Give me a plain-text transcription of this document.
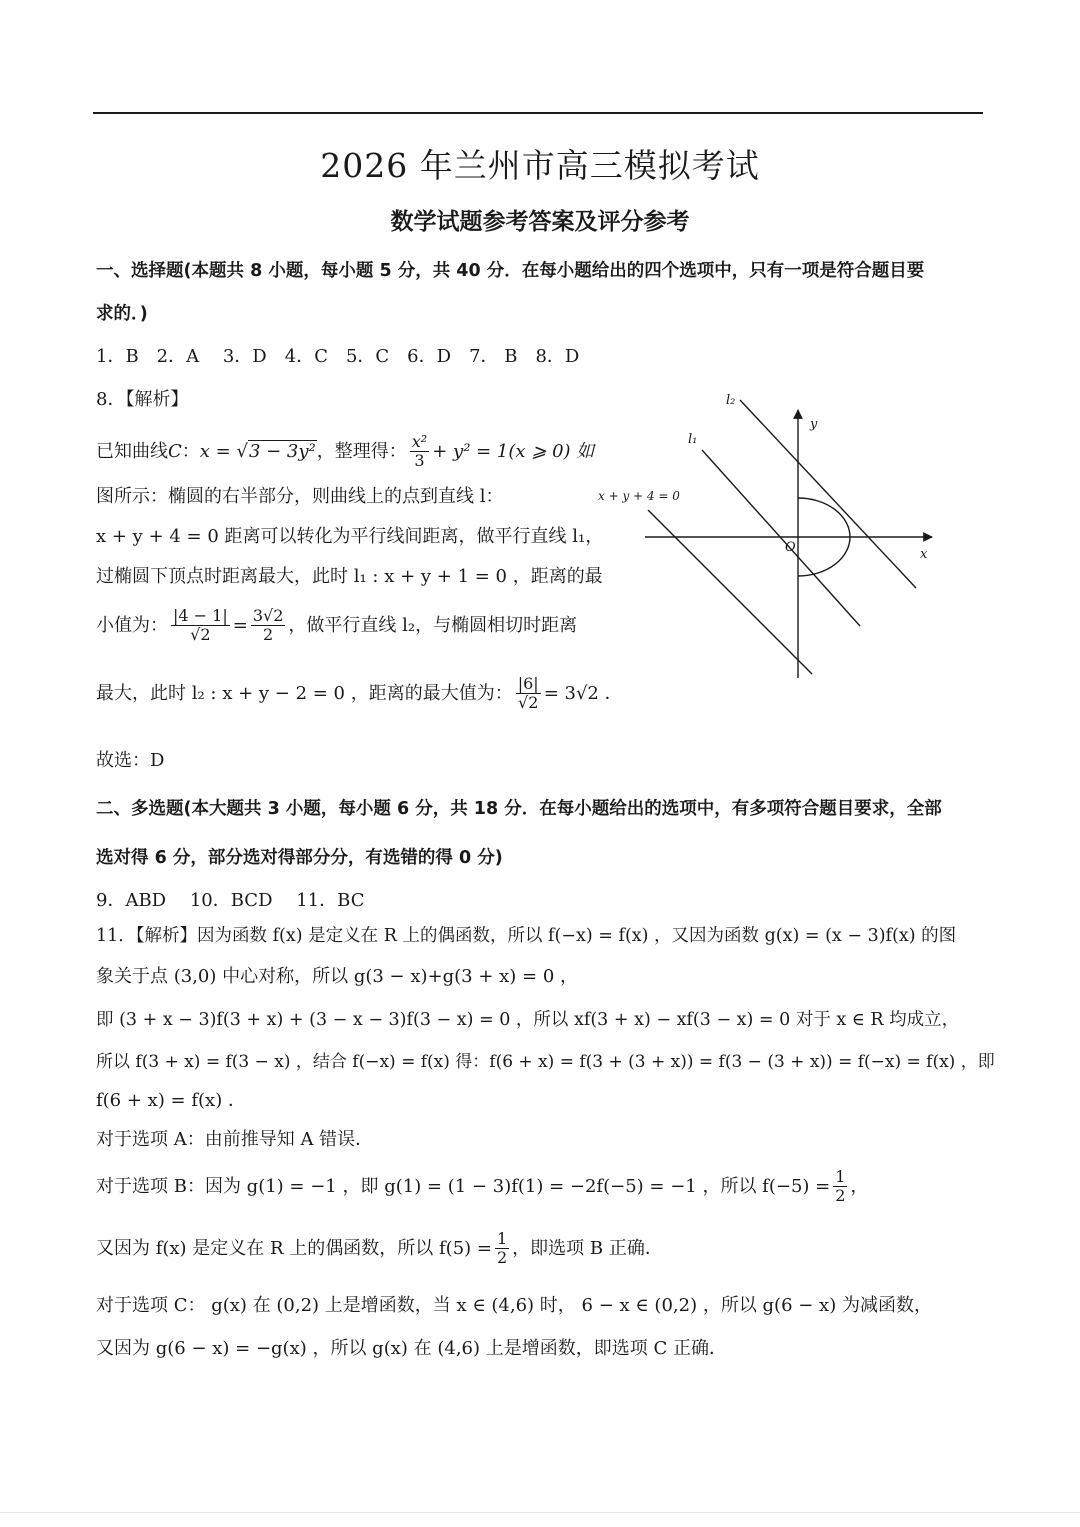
2026 年兰州市高三模拟考试
数学试题参考答案及评分参考
一、选择题(本题共 8 小题，每小题 5 分，共 40 分．在每小题给出的四个选项中，只有一项是符合题目要
求的．)
1．B　2．A　 3．D　4．C　5．C　6．D　7． B　8．D
8．【解析】
已知曲线C：x = √3 − 3y²，整理得： $\frac{\text{x²}}{3} + y^2 = 1(x$ ⩾ 0) 如
图所示：椭圆的右半部分，则曲线上的点到直线 l：
x + y + 4 = 0 距离可以转化为平行线间距离，做平行直线 l₁，
过椭圆下顶点时距离最大，此时 l₁ : x + y + 1 = 0 ，距离的最
小值为： $\frac{|4 - 1|}{√2} = \frac{3√2}{2}$ ，做平行直线 l₂，与椭圆相切时距离
最大，此时 l₂ : x + y − 2 = 0 ，距离的最大值为： $\frac{|6|}{√2} = 3√2$ ．
故选：D
l₂
l₁
y
x
O
x + y + 4 = 0
二、多选题(本大题共 3 小题，每小题 6 分，共 18 分．在每小题给出的选项中，有多项符合题目要求，全部
选对得 6 分，部分选对得部分分，有选错的得 0 分)
9．ABD　 10．BCD　 11．BC
11．【解析】因为函数 f(x) 是定义在 R 上的偶函数，所以 f(−x) = f(x) ，又因为函数 g(x) = (x − 3)f(x) 的图
象关于点 (3,0) 中心对称，所以 g(3 − x)+g(3 + x) = 0 ，
即 (3 + x − 3)f(3 + x) + (3 − x − 3)f(3 − x) = 0 ，所以 xf(3 + x) − xf(3 − x) = 0 对于 x ∈ R 均成立，
所以 f(3 + x) = f(3 − x) ，结合 f(−x) = f(x) 得：f(6 + x) = f(3 + (3 + x)) = f(3 − (3 + x)) = f(−x) = f(x) ，即
f(6 + x) = f(x) ．
对于选项 A：由前推导知 A 错误．
对于选项 B：因为 g(1) = −1 ，即 g(1) = (1 − 3)f(1) = −2f(−5) = −1 ，所以 $f(-5) = \frac{1}{2}$ ，
又因为 f(x) 是定义在 R 上的偶函数，所以 $f(5) = \frac{1}{2}$ ，即选项 B 正确．
对于选项 C： g(x) 在 (0,2) 上是增函数，当 x ∈ (4,6) 时， 6 − x ∈ (0,2) ，所以 g(6 − x) 为减函数，
又因为 g(6 − x) = −g(x) ，所以 g(x) 在 (4,6) 上是增函数，即选项 C 正确．
